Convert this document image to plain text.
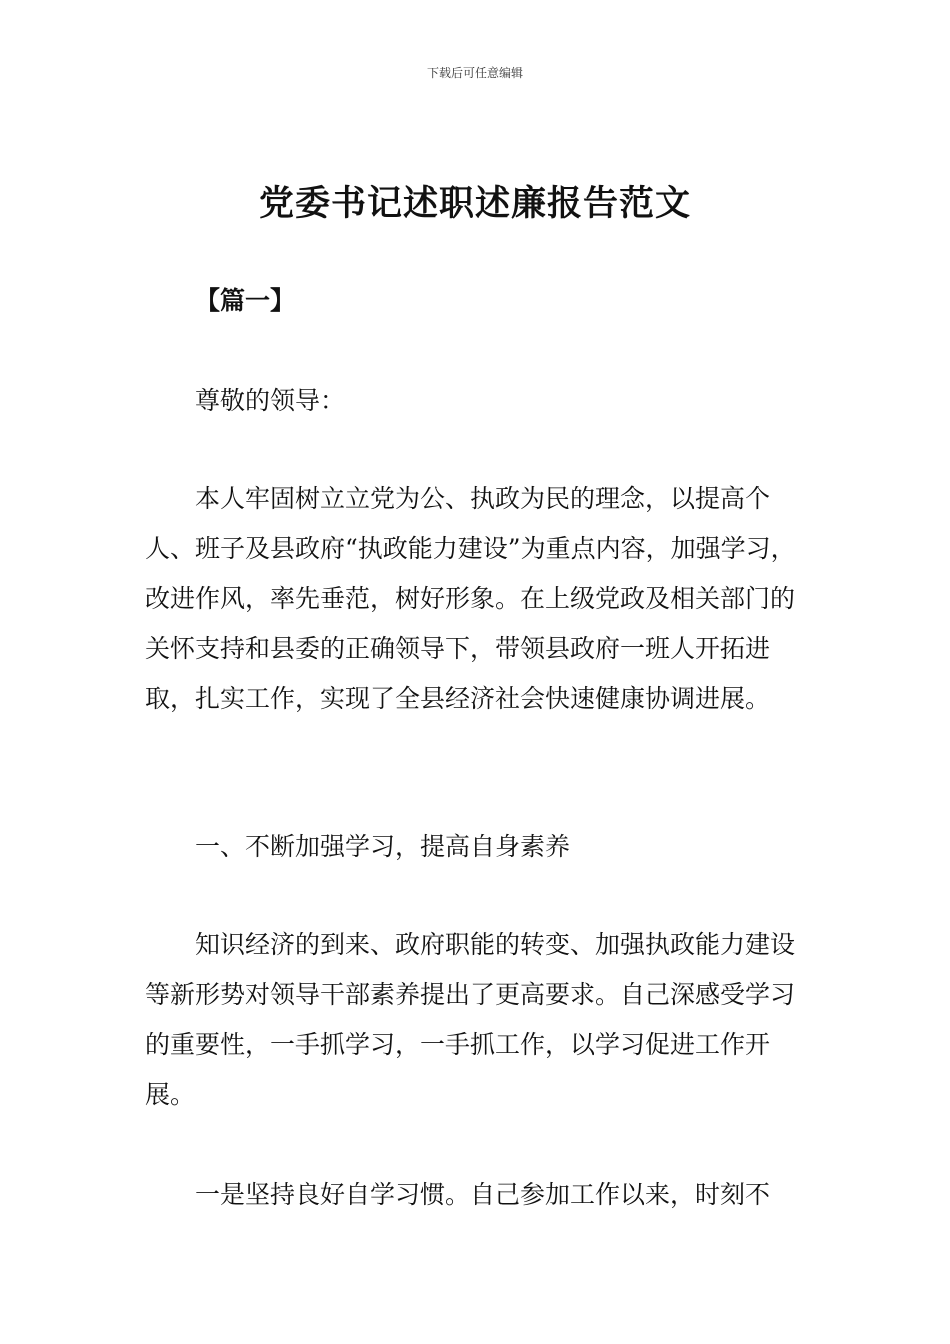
下载后可任意编辑
党委书记述职述廉报告范文

【篇一】

尊敬的领导：

本人牢固树立立党为公、执政为民的理念，以提高个人、班子及县政府“执政能力建设”为重点内容，加强学习，改进作风，率先垂范，树好形象。在上级党政及相关部门的关怀支持和县委的正确领导下，带领县政府一班人开拓进取，扎实工作，实现了全县经济社会快速健康协调进展。

一、不断加强学习，提高自身素养

知识经济的到来、政府职能的转变、加强执政能力建设等新形势对领导干部素养提出了更高要求。自己深感受学习的重要性，一手抓学习，一手抓工作，以学习促进工作开展。

一是坚持良好自学习惯。自己参加工作以来，时刻不
